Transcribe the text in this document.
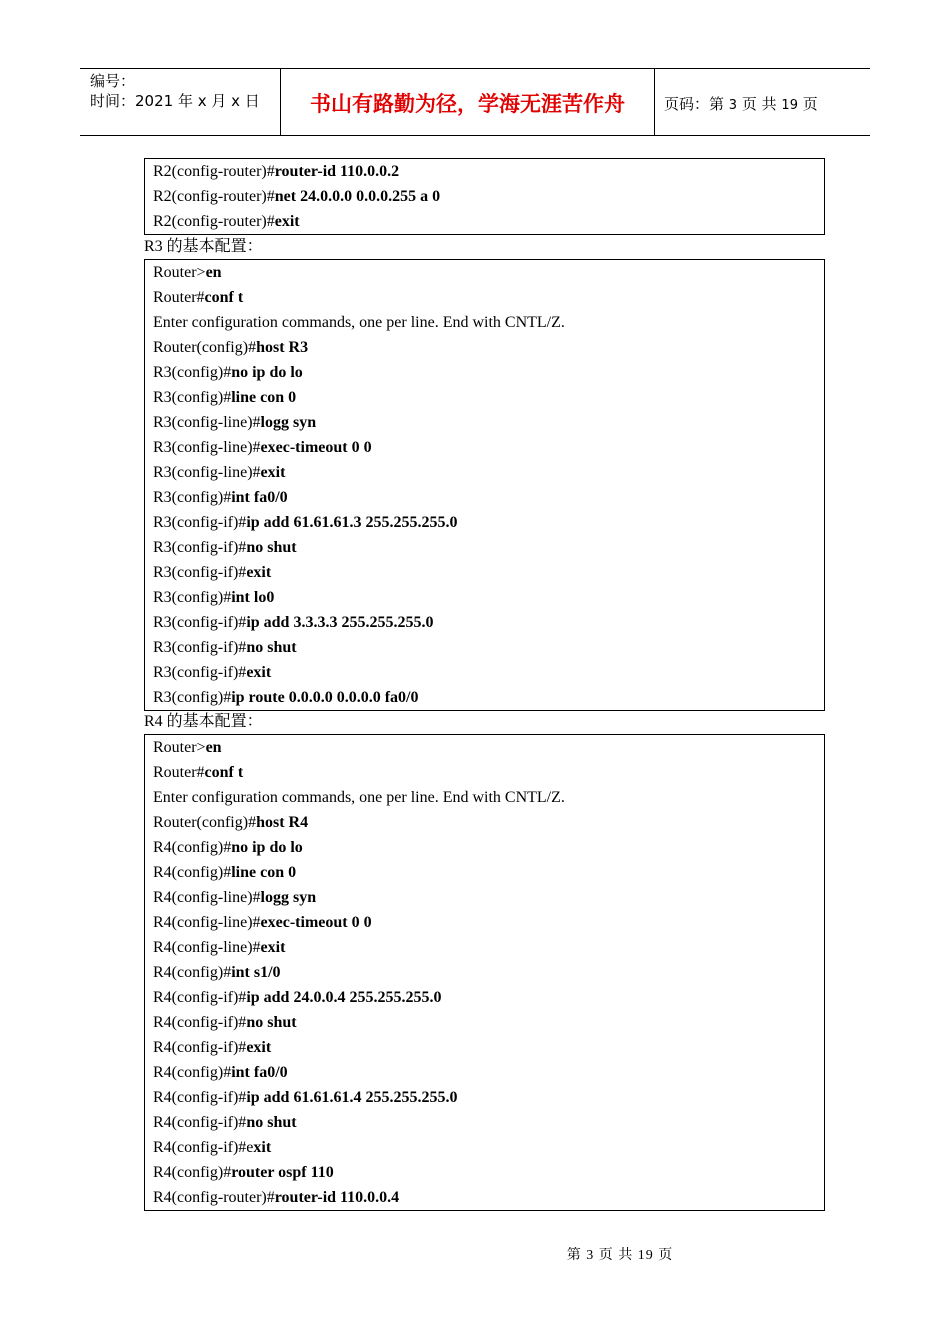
编号：
时间：2021 年 x 月 x 日	书山有路勤为径，学海无涯苦作舟	页码：第 3 页 共 19 页
R2(config-router)#router-id 110.0.0.2
R2(config-router)#net 24.0.0.0 0.0.0.255 a 0
R2(config-router)#exit
R3 的基本配置：
Router>en
Router#conf t
Enter configuration commands, one per line. End with CNTL/Z.
Router(config)#host R3
R3(config)#no ip do lo
R3(config)#line con 0
R3(config-line)#logg syn
R3(config-line)#exec-timeout 0 0
R3(config-line)#exit
R3(config)#int fa0/0
R3(config-if)#ip add 61.61.61.3 255.255.255.0
R3(config-if)#no shut
R3(config-if)#exit
R3(config)#int lo0
R3(config-if)#ip add 3.3.3.3 255.255.255.0
R3(config-if)#no shut
R3(config-if)#exit
R3(config)#ip route 0.0.0.0 0.0.0.0 fa0/0
R4 的基本配置：
Router>en
Router#conf t
Enter configuration commands, one per line. End with CNTL/Z.
Router(config)#host R4
R4(config)#no ip do lo
R4(config)#line con 0
R4(config-line)#logg syn
R4(config-line)#exec-timeout 0 0
R4(config-line)#exit
R4(config)#int s1/0
R4(config-if)#ip add 24.0.0.4 255.255.255.0
R4(config-if)#no shut
R4(config-if)#exit
R4(config)#int fa0/0
R4(config-if)#ip add 61.61.61.4 255.255.255.0
R4(config-if)#no shut
R4(config-if)#exit
R4(config)#router ospf 110
R4(config-router)#router-id 110.0.0.4
第 3 页 共 19 页
